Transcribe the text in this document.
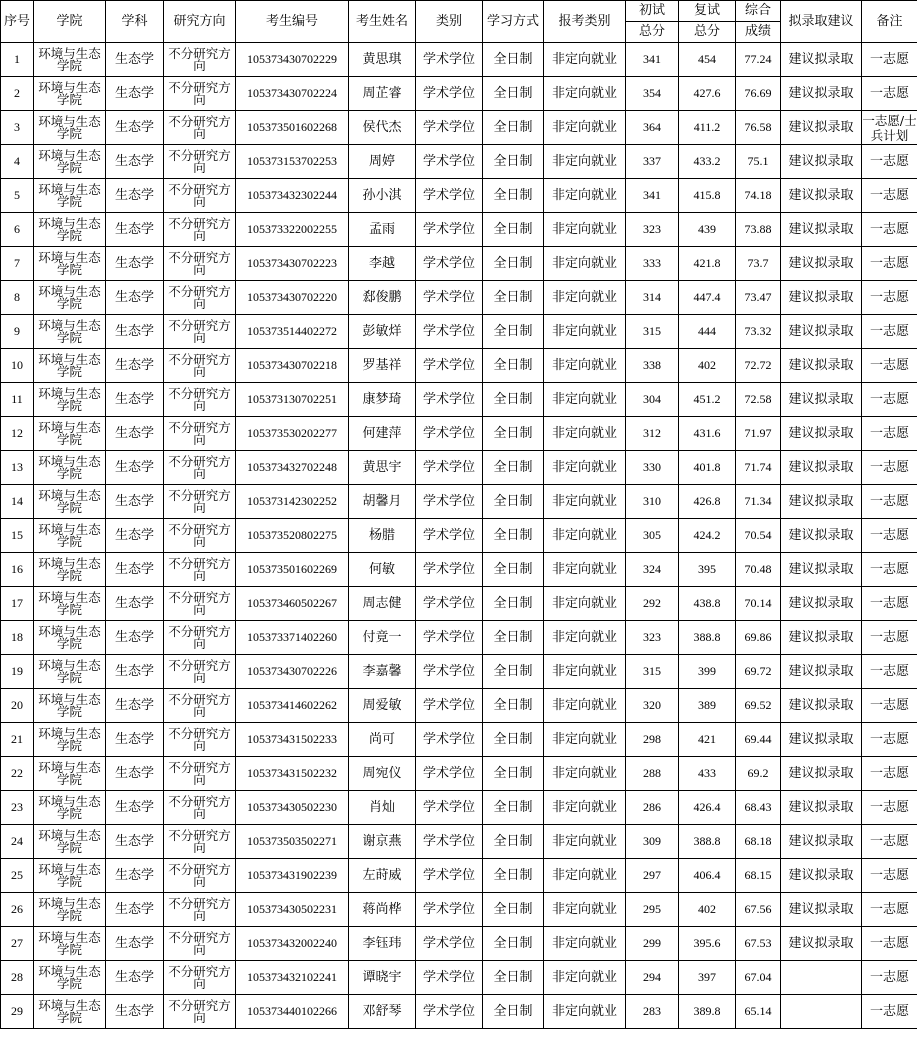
序号	学院	学科	研究方向	考生编号	考生姓名	类别	学习方式	报考类别	初试	复试	综合	拟录取建议	备注
									总分	总分	成绩		
1	环境与生态学院	生态学	不分研究方向	105373430702229	黄思琪	学术学位	全日制	非定向就业	341	454	77.24	建议拟录取	一志愿
2	环境与生态学院	生态学	不分研究方向	105373430702224	周芷睿	学术学位	全日制	非定向就业	354	427.6	76.69	建议拟录取	一志愿
3	环境与生态学院	生态学	不分研究方向	105373501602268	侯代杰	学术学位	全日制	非定向就业	364	411.2	76.58	建议拟录取	一志愿/士兵计划
4	环境与生态学院	生态学	不分研究方向	105373153702253	周婷	学术学位	全日制	非定向就业	337	433.2	75.1	建议拟录取	一志愿
5	环境与生态学院	生态学	不分研究方向	105373432302244	孙小淇	学术学位	全日制	非定向就业	341	415.8	74.18	建议拟录取	一志愿
6	环境与生态学院	生态学	不分研究方向	105373322002255	孟雨	学术学位	全日制	非定向就业	323	439	73.88	建议拟录取	一志愿
7	环境与生态学院	生态学	不分研究方向	105373430702223	李越	学术学位	全日制	非定向就业	333	421.8	73.7	建议拟录取	一志愿
8	环境与生态学院	生态学	不分研究方向	105373430702220	郄俊鹏	学术学位	全日制	非定向就业	314	447.4	73.47	建议拟录取	一志愿
9	环境与生态学院	生态学	不分研究方向	105373514402272	彭敏烊	学术学位	全日制	非定向就业	315	444	73.32	建议拟录取	一志愿
10	环境与生态学院	生态学	不分研究方向	105373430702218	罗基祥	学术学位	全日制	非定向就业	338	402	72.72	建议拟录取	一志愿
11	环境与生态学院	生态学	不分研究方向	105373130702251	康梦琦	学术学位	全日制	非定向就业	304	451.2	72.58	建议拟录取	一志愿
12	环境与生态学院	生态学	不分研究方向	105373530202277	何建萍	学术学位	全日制	非定向就业	312	431.6	71.97	建议拟录取	一志愿
13	环境与生态学院	生态学	不分研究方向	105373432702248	黄思宇	学术学位	全日制	非定向就业	330	401.8	71.74	建议拟录取	一志愿
14	环境与生态学院	生态学	不分研究方向	105373142302252	胡馨月	学术学位	全日制	非定向就业	310	426.8	71.34	建议拟录取	一志愿
15	环境与生态学院	生态学	不分研究方向	105373520802275	杨腊	学术学位	全日制	非定向就业	305	424.2	70.54	建议拟录取	一志愿
16	环境与生态学院	生态学	不分研究方向	105373501602269	何敏	学术学位	全日制	非定向就业	324	395	70.48	建议拟录取	一志愿
17	环境与生态学院	生态学	不分研究方向	105373460502267	周志健	学术学位	全日制	非定向就业	292	438.8	70.14	建议拟录取	一志愿
18	环境与生态学院	生态学	不分研究方向	105373371402260	付竟一	学术学位	全日制	非定向就业	323	388.8	69.86	建议拟录取	一志愿
19	环境与生态学院	生态学	不分研究方向	105373430702226	李嘉馨	学术学位	全日制	非定向就业	315	399	69.72	建议拟录取	一志愿
20	环境与生态学院	生态学	不分研究方向	105373414602262	周爱敏	学术学位	全日制	非定向就业	320	389	69.52	建议拟录取	一志愿
21	环境与生态学院	生态学	不分研究方向	105373431502233	尚可	学术学位	全日制	非定向就业	298	421	69.44	建议拟录取	一志愿
22	环境与生态学院	生态学	不分研究方向	105373431502232	周宛仪	学术学位	全日制	非定向就业	288	433	69.2	建议拟录取	一志愿
23	环境与生态学院	生态学	不分研究方向	105373430502230	肖灿	学术学位	全日制	非定向就业	286	426.4	68.43	建议拟录取	一志愿
24	环境与生态学院	生态学	不分研究方向	105373503502271	谢京燕	学术学位	全日制	非定向就业	309	388.8	68.18	建议拟录取	一志愿
25	环境与生态学院	生态学	不分研究方向	105373431902239	左莳威	学术学位	全日制	非定向就业	297	406.4	68.15	建议拟录取	一志愿
26	环境与生态学院	生态学	不分研究方向	105373430502231	蒋尚桦	学术学位	全日制	非定向就业	295	402	67.56	建议拟录取	一志愿
27	环境与生态学院	生态学	不分研究方向	105373432002240	李钰玮	学术学位	全日制	非定向就业	299	395.6	67.53	建议拟录取	一志愿
28	环境与生态学院	生态学	不分研究方向	105373432102241	谭晓宇	学术学位	全日制	非定向就业	294	397	67.04		一志愿
29	环境与生态学院	生态学	不分研究方向	105373440102266	邓舒琴	学术学位	全日制	非定向就业	283	389.8	65.14		一志愿
